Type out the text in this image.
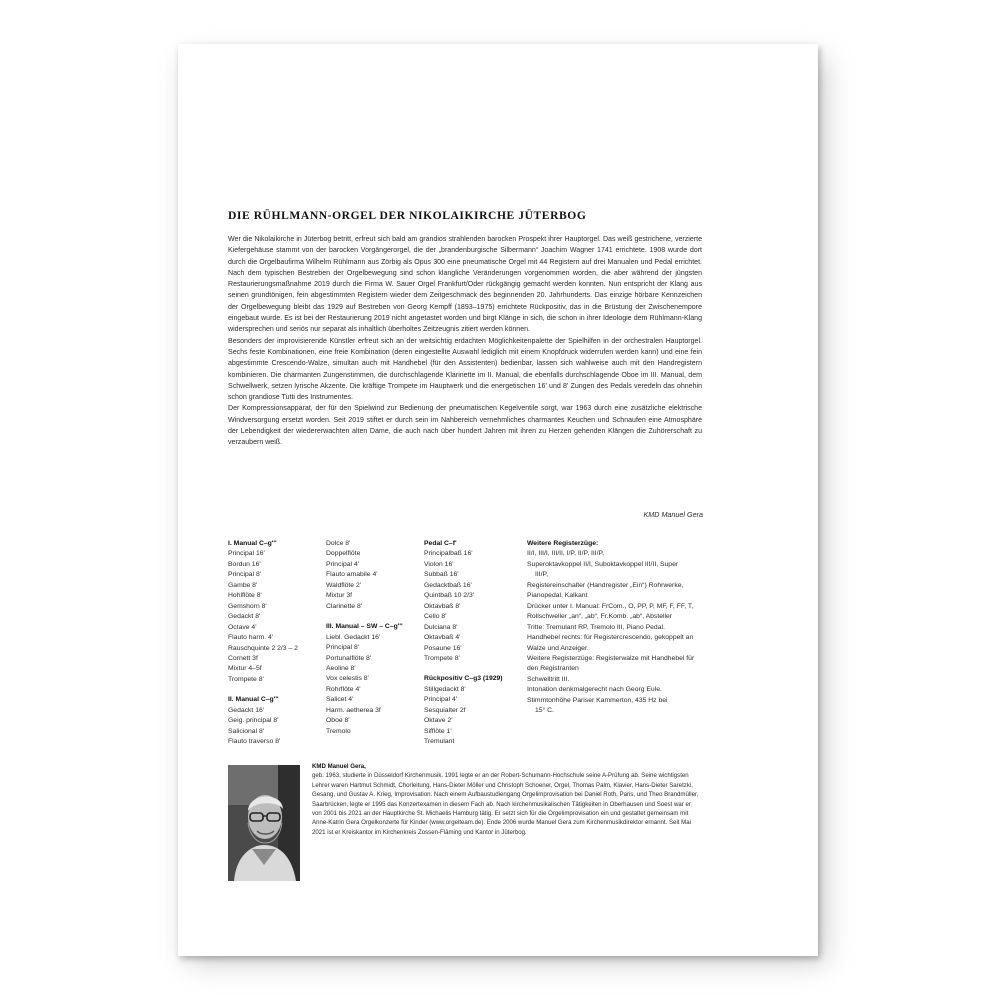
DIE RÜHLMANN-ORGEL DER NIKOLAIKIRCHE JÜTERBOG

Wer die Nikolaikirche in Jüterbog betritt, erfreut sich bald am grandios strahlenden barocken Prospekt ihrer Hauptorgel. Das weiß gestrichene, verzierte Kiefergehäuse stammt von der barocken Vorgängerorgel, die der „brandenburgische Silbermann“ Joachim Wagner 1741 errichtete. 1908 wurde dort durch die Orgelbaufirma Wilhelm Rühlmann aus Zörbig als Opus 300 eine pneumatische Orgel mit 44 Registern auf drei Manualen und Pedal errichtet. Nach dem typischen Bestreben der Orgelbewegung sind schon klangliche Veränderungen vorgenommen worden, die aber während der jüngsten Restaurierungsmaßnahme 2019 durch die Firma W. Sauer Orgel Frankfurt/Oder rückgängig gemacht werden konnten. Nun entspricht der Klang aus seinen grundtönigen, fein abgestimmten Registern wieder dem Zeitgeschmack des beginnenden 20. Jahrhunderts. Das einzige hörbare Kennzeichen der Orgelbewegung bleibt das 1929 auf Bestreben von Georg Kempff (1893–1975) errichtete Rückpositiv, das in die Brüstung der Zwischenempore eingebaut wurde. Es ist bei der Restaurierung 2019 nicht angetastet worden und birgt Klänge in sich, die schon in ihrer Ideologie dem Rühlmann-Klang widersprechen und seriös nur separat als inhaltlich überholtes Zeitzeugnis zitiert werden können.

Besonders der improvisierende Künstler erfreut sich an der weitsichtig erdachten Möglichkeitenpalette der Spielhilfen in der orchestralen Hauptorgel. Sechs feste Kombinationen, eine freie Kombination (deren eingestellte Auswahl lediglich mit einem Knopfdruck widerrufen werden kann) und eine fein abgestimmte Crescendo-Walze, simultan auch mit Handhebel (für den Assistenten) bedienbar, lassen sich wahlweise auch mit den Handregistern kombinieren. Die charmanten Zungenstimmen, die durchschlagende Klarinette im II. Manual, die ebenfalls durchschlagende Oboe im III. Manual, dem Schwellwerk, setzen lyrische Akzente. Die kräftige Trompete im Hauptwerk und die energetischen 16' und 8' Zungen des Pedals veredeln das ohnehin schon grandiose Tutti des Instrumentes.

Der Kompressionsapparat, der für den Spielwind zur Bedienung der pneumatischen Kegelventile sorgt, war 1963 durch eine zusätzliche elektrische Windversorgung ersetzt worden. Seit 2019 stiftet er durch sein im Nahbereich vernehmliches charmantes Keuchen und Schnaufen eine Atmosphäre der Lebendigkeit der wiedererwachten alten Dame, die auch nach über hundert Jahren mit ihren zu Herzen gehenden Klängen die Zuhörerschaft zu verzaubern weiß.

KMD Manuel Gera
I. Manual C–g'''
Principal 16'
Bordun 16'
Principal 8'
Gambe 8'
Hohlflöte 8'
Gemshorn 8'
Gedackt 8'
Octave 4'
Flauto harm. 4'
Rauschquinte 2 2/3 – 2
Cornett 3f
Mixtur 4–5f
Trompete 8'
II. Manual C–g'''
Gedackt 16'
Geig. principal 8'
Salicional 8'
Flauto traverso 8'
Dolce 8'
Doppelflöte
Principal 4'
Flauto amabile 4'
Waldflöte 2'
Mixtur 3f
Clarinette 8'
III. Manual – SW – C–g'''
Liebl. Gedackt 16'
Principal 8'
Portunalflöte 8'
Aeoline 8'
Vox celestis 8'
Rohrflöte 4'
Salicet 4'
Harm. aetherea 3f
Oboe 8'
Tremolo
Pedal C–f'
Principalbaß 16'
Violon 16'
Subbaß 16'
Gedacktbaß 16'
Quintbaß 10 2/3'
Oktavbaß 8'
Cello 8'
Dulciana 8'
Oktavbaß 4'
Posaune 16'
Trompete 8'
Rückpositiv C–g3 (1929)
Stillgedackt 8'
Principal 4'
Sesquialter 2f
Oktave 2'
Sifflöte 1'
Tremulant
Weitere Registerzüge:
II/I, III/I, III/II, I/P, II/P, III/P,
Superoktavkoppel II/I, Suboktavkoppel III/II, Super
III/P,
Registereinschalter (Handregister „Ein“) Rohrwerke, Pianopedal, Kalkant
Drücker unter I. Manual: FrCom., O, PP, P, MF, F, FF, T, Rollschweller „an“, „ab“, Fr.Komb. „ab“, Absteller
Tritte: Tremulant RP, Tremolo III, Piano Pedal.
Handhebel rechts: für Registercrescendo, gekoppelt an Walze und Anzeiger.
Weitere Registerzüge: Registerwalze mit Handhebel für den Registranten
Schwelltritt III.
Intonation denkmalgerecht nach Georg Eule.
Stimmtonhöhe Pariser Kammerton, 435 Hz bei
15° C.
KMD Manuel Gera,
geb. 1963, studierte in Düsseldorf Kirchenmusik. 1991 legte er an der Robert-Schumann-Hochschule seine A-Prüfung ab. Seine wichtigsten Lehrer waren Hartmut Schmidt, Chorleitung, Hans-Dieter Möller und Christoph Schoener, Orgel, Thomas Palm, Klavier, Hans-Dieter Saretzki, Gesang, und Gustav A. Krieg, Improvisation. Nach einem Aufbaustudiengang Orgelimprovisation bei Daniel Roth, Paris, und Theo Brandmüller, Saarbrücken, legte er 1995 das Konzertexamen in diesem Fach ab. Nach kirchenmusikalischen Tätigkeiten in Oberhausen und Soest war er von 2001 bis 2021 an der Hauptkirche St. Michaelis Hamburg tätig. Er setzt sich für die Orgelimprovisation ein und gestaltet gemeinsam mit Anne-Katrin Gera Orgelkonzerte für Kinder (www.orgelteam.de). Ende 2006 wurde Manuel Gera zum Kirchenmusikdirektor ernannt. Seit Mai 2021 ist er Kreiskantor im Kirchenkreis Zossen-Fläming und Kantor in Jüterbog.
